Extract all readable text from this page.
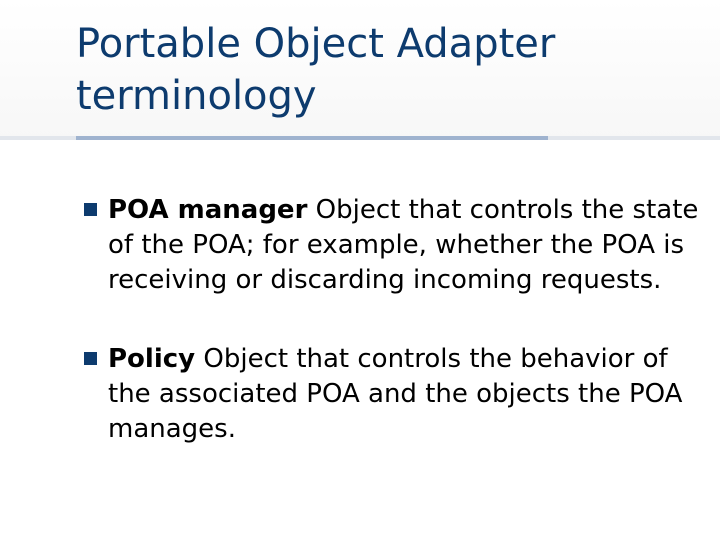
Portable Object Adapter terminology
POA manager Object that controls the state of the POA; for example, whether the POA is receiving or discarding incoming requests.
Policy Object that controls the behavior of the associated POA and the objects the POA manages.
